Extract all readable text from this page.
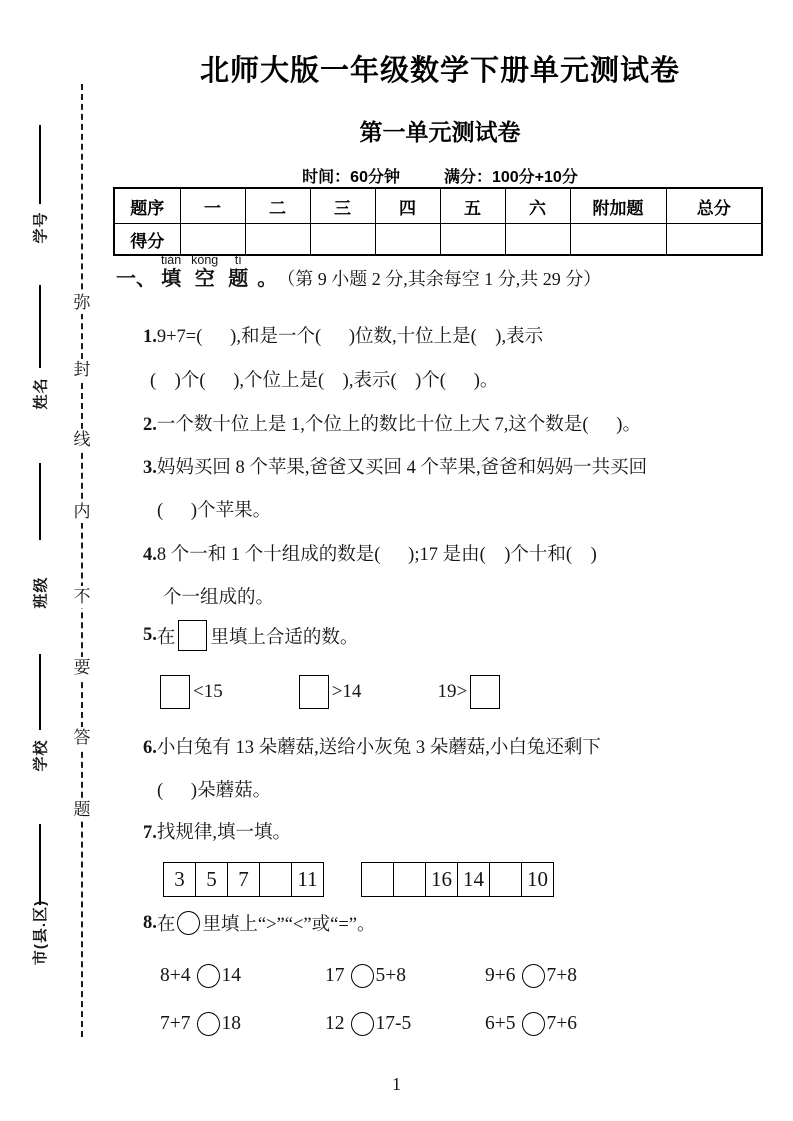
弥
封
线
内
不
要
答
题
学号
姓名
班级
学校
市(县.区)
北师大版一年级数学下册单元测试卷
第一单元测试卷
时间：60分钟	满分：100分+10分
题序	一	二	三	四	五	六	附加题	总分
得分								
一、
tián
填
kòng
空
tí
题 。 （第 9 小题 2 分,其余每空 1 分,共 29 分）
1.9+7=(      ),和是一个(      )位数,十位上是(    ),表示
(    )个(      ),个位上是(    ),表示(    )个(      )。
2.一个数十位上是 1,个位上的数比十位上大 7,这个数是(      )。
3.妈妈买回 8 个苹果,爸爸又买回 4 个苹果,爸爸和妈妈一共买回
(      )个苹果。
4.8 个一和 1 个十组成的数是(      );17 是由(    )个十和(    )
个一组成的。
5. 在 里填上合适的数。
<15	>14	19>
6.小白兔有 13 朵蘑菇,送给小灰兔 3 朵蘑菇,小白兔还剩下
(      )朵蘑菇。
7.找规律,填一填。
3	5	7		11
			16	14		10
8. 在 里填上“>”“<”或“=”。
8+4 14	17 5+8	9+6 7+8
7+7 18	12 17-5	6+5 7+6
1
